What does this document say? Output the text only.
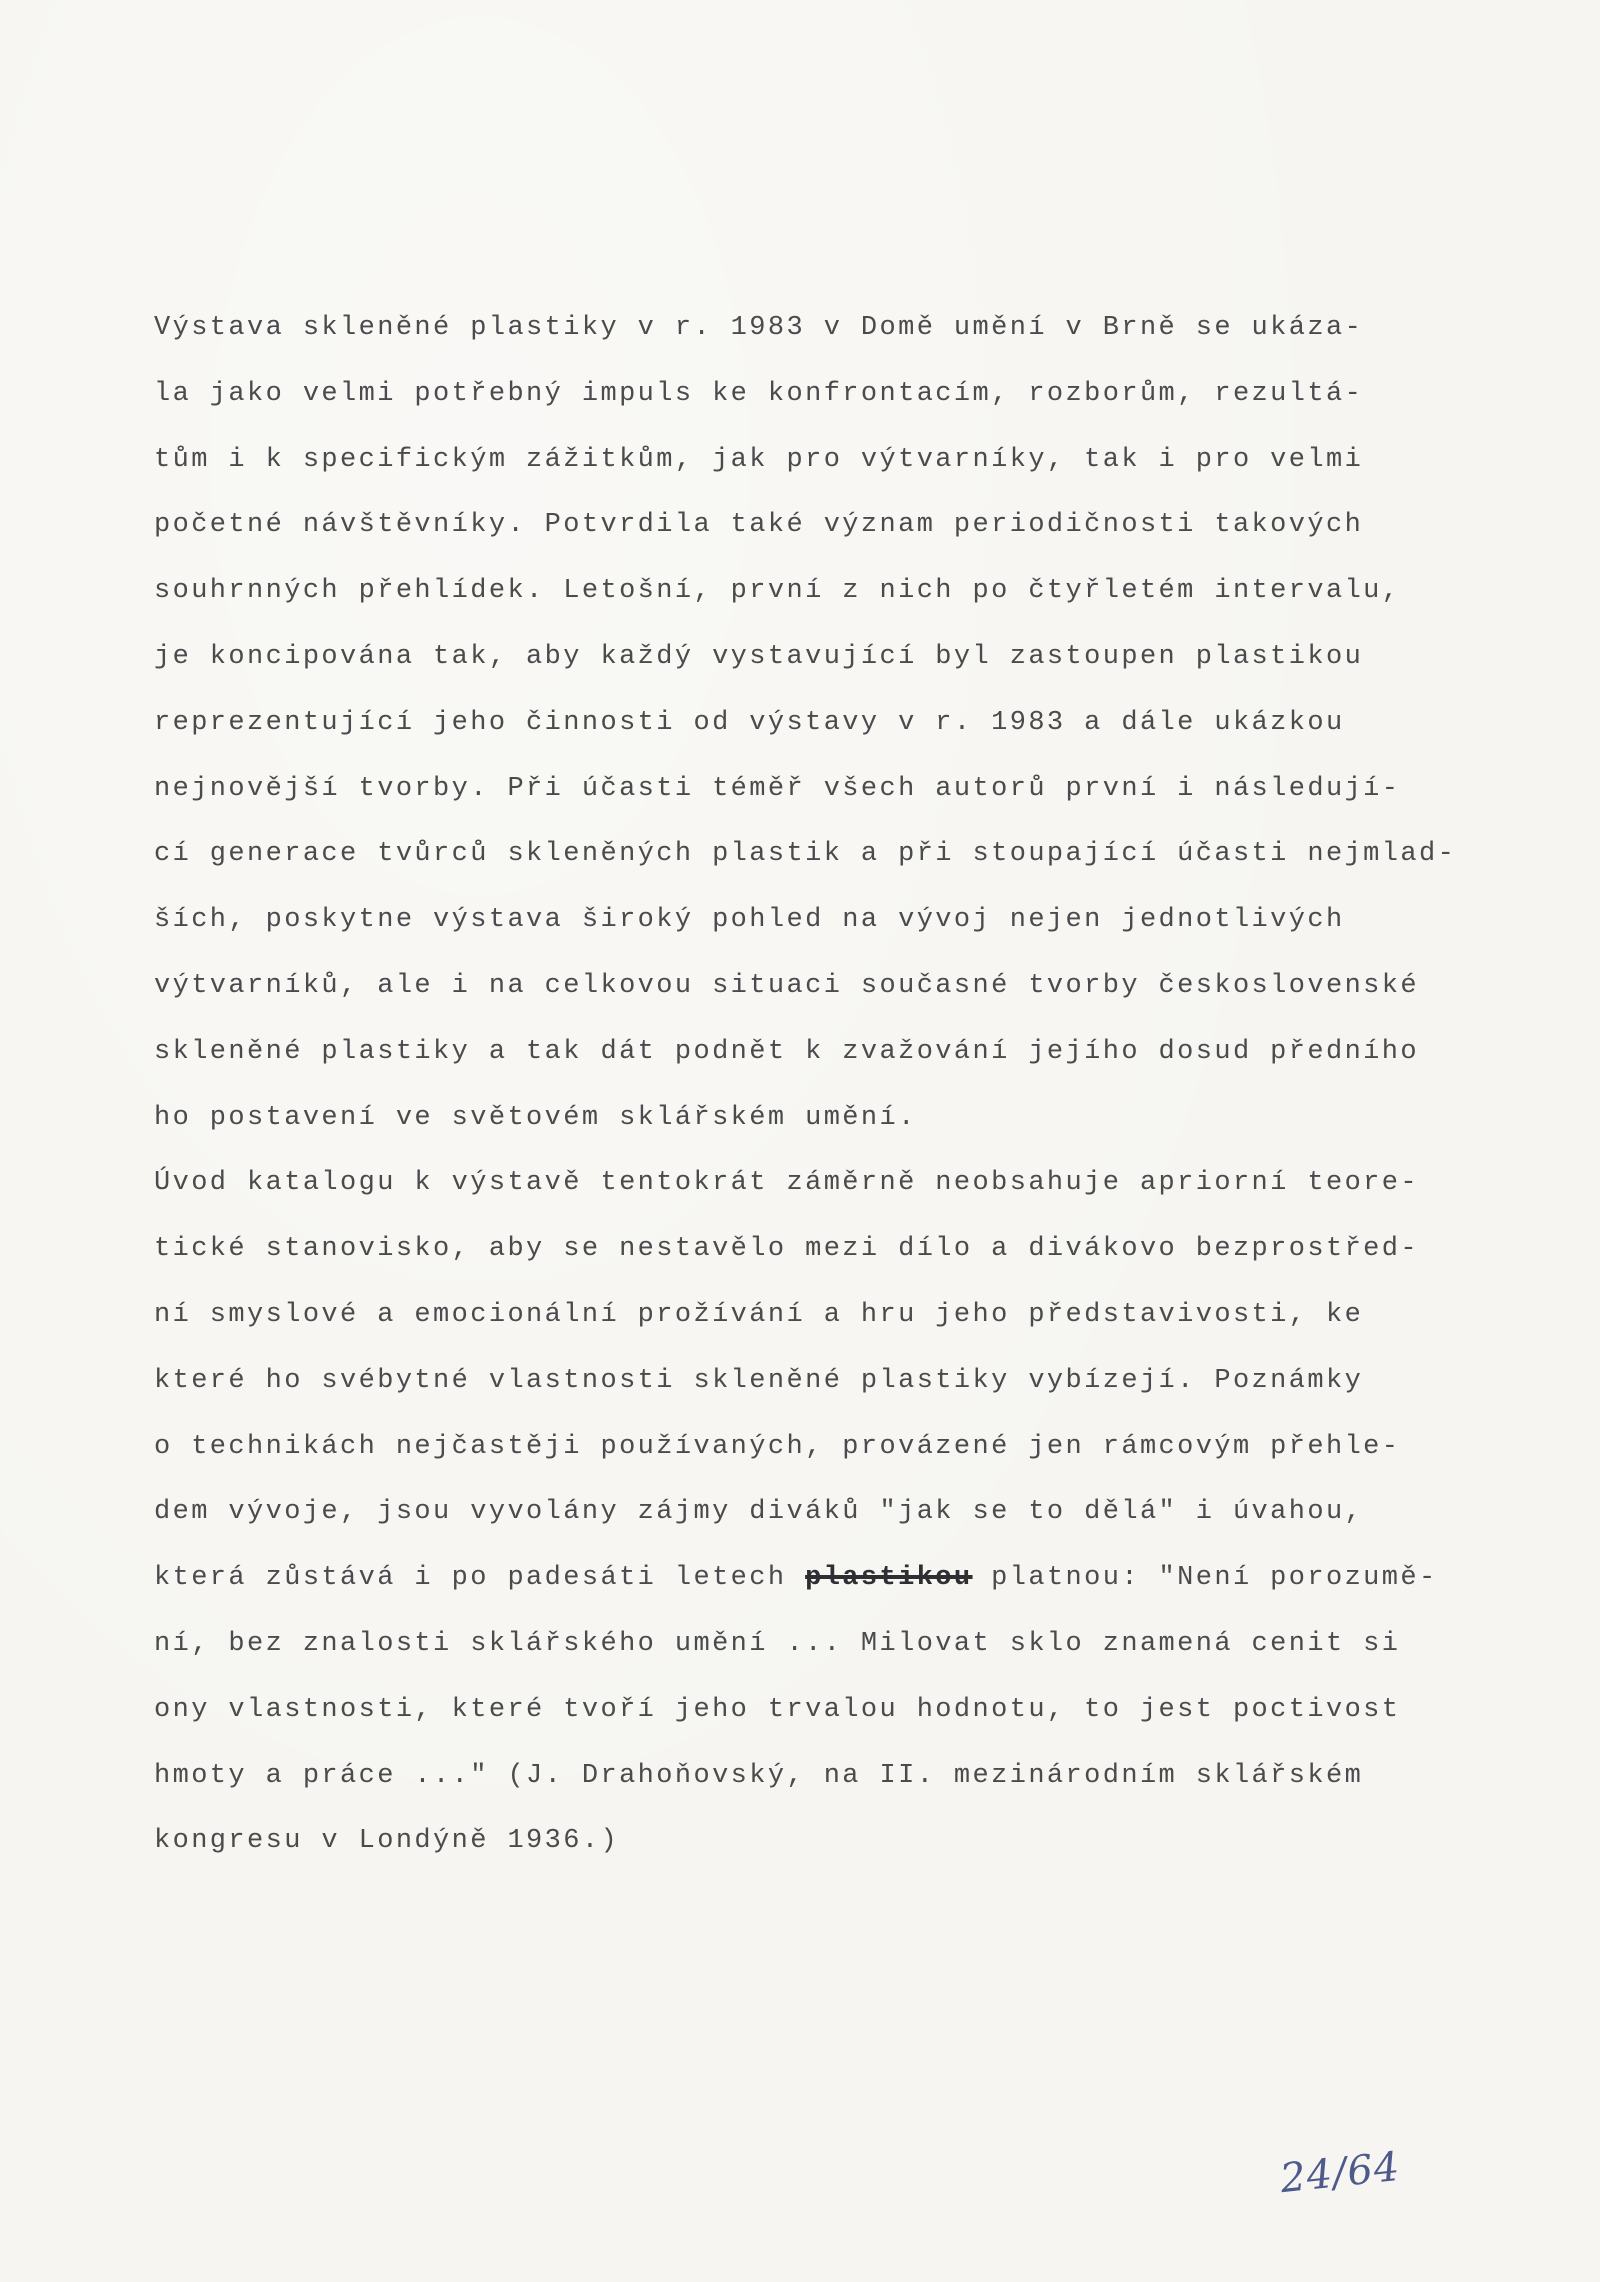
Výstava skleněné plastiky v r. 1983 v Domě umění v Brně se ukáza-
la jako velmi potřebný impuls ke konfrontacím, rozborům, rezultá-
tům i k specifickým zážitkům, jak pro výtvarníky, tak i pro velmi
početné návštěvníky. Potvrdila také význam periodičnosti takových
souhrnných přehlídek. Letošní, první z nich po čtyřletém intervalu,
je koncipována tak, aby každý vystavující byl zastoupen plastikou
reprezentující jeho činnosti od výstavy v r. 1983 a dále ukázkou
nejnovější tvorby. Při účasti téměř všech autorů první i následují-
cí generace tvůrců skleněných plastik a při stoupající účasti nejmlad-
ších, poskytne výstava široký pohled na vývoj nejen jednotlivých
výtvarníků, ale i na celkovou situaci současné tvorby československé
skleněné plastiky a tak dát podnět k zvažování jejího dosud předního
ho postavení ve světovém sklářském umění.
Úvod katalogu k výstavě tentokrát záměrně neobsahuje apriorní teore-
tické stanovisko, aby se nestavělo mezi dílo a divákovo bezprostřed-
ní smyslové a emocionální prožívání a hru jeho představivosti, ke
které ho svébytné vlastnosti skleněné plastiky vybízejí. Poznámky
o technikách nejčastěji používaných, provázené jen rámcovým přehle-
dem vývoje, jsou vyvolány zájmy diváků "jak se to dělá" i úvahou,
která zůstává i po padesáti letech plastikou platnou: "Není porozumě-
ní, bez znalosti sklářského umění ... Milovat sklo znamená cenit si
ony vlastnosti, které tvoří jeho trvalou hodnotu, to jest poctivost
hmoty a práce ..." (J. Drahoňovský, na II. mezinárodním sklářském
kongresu v Londýně 1936.)
24/64
